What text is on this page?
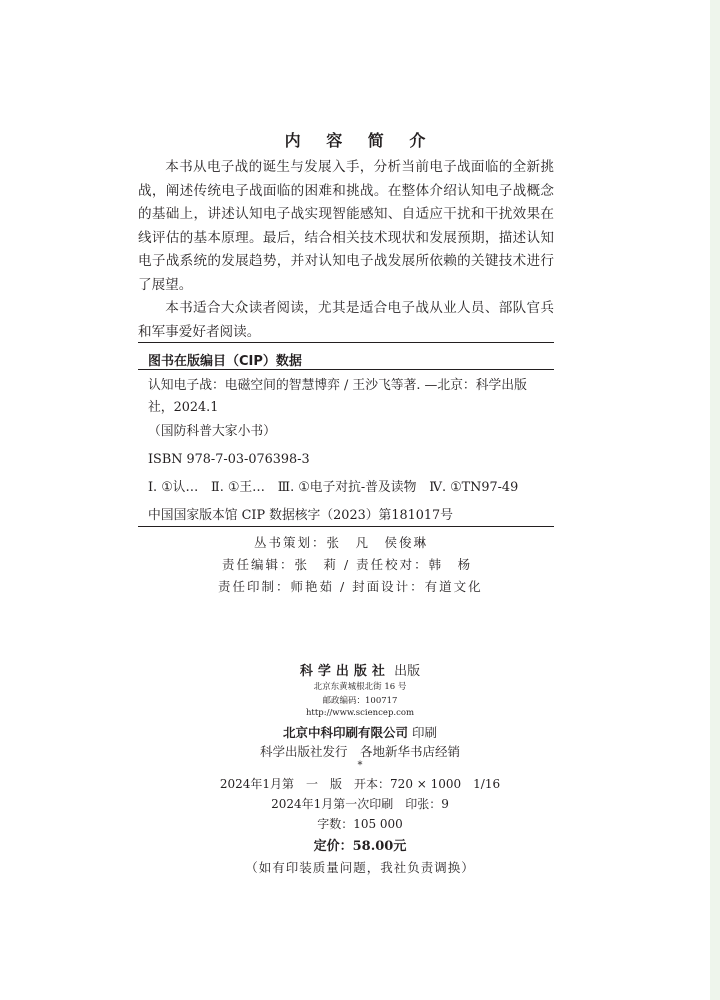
内 容 简 介

本书从电子战的诞生与发展入手，分析当前电子战面临的全新挑战，阐述传统电子战面临的困难和挑战。在整体介绍认知电子战概念的基础上，讲述认知电子战实现智能感知、自适应干扰和干扰效果在线评估的基本原理。最后，结合相关技术现状和发展预期，描述认知电子战系统的发展趋势，并对认知电子战发展所依赖的关键技术进行了展望。

本书适合大众读者阅读，尤其是适合电子战从业人员、部队官兵和军事爱好者阅读。

图书在版编目（CIP）数据

认知电子战：电磁空间的智慧博弈 / 王沙飞等著. —北京：科学出版社，2024.1

（国防科普大家小书）

ISBN 978-7-03-076398-3

Ⅰ. ①认…　Ⅱ. ①王…　Ⅲ. ①电子对抗-普及读物　Ⅳ. ①TN97-49

中国国家版本馆 CIP 数据核字（2023）第181017号

丛书策划：张　凡　侯俊琳
责任编辑：张　莉 / 责任校对：韩　杨
责任印制：师艳茹 / 封面设计：有道文化
科学出版社 出版
北京东黄城根北街 16 号
邮政编码：100717
http://www.sciencep.com
北京中科印刷有限公司 印刷
科学出版社发行　各地新华书店经销
*
2024年1月第　一　版　开本：720 × 1000　1/16
2024年1月第一次印刷　印张：9
字数：105 000
定价：58.00元
（如有印装质量问题，我社负责调换）
